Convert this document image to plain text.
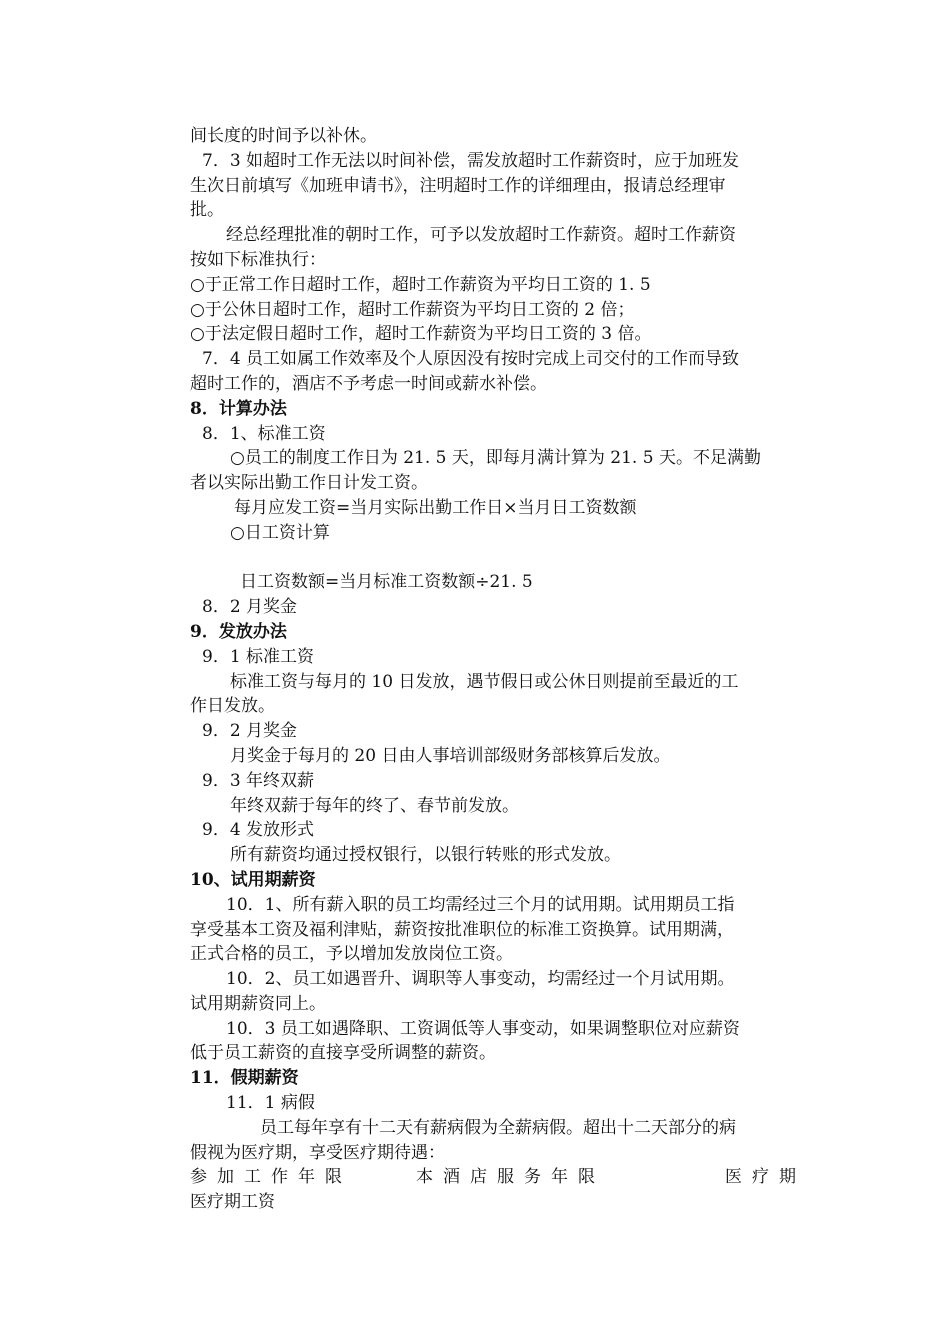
间长度的时间予以补休。
7．3 如超时工作无法以时间补偿，需发放超时工作薪资时，应于加班发
生次日前填写《加班申请书》，注明超时工作的详细理由，报请总经理审
批。
经总经理批准的朝时工作，可予以发放超时工作薪资。超时工作薪资
按如下标准执行：
○于正常工作日超时工作，超时工作薪资为平均日工资的 1. 5
○于公休日超时工作，超时工作薪资为平均日工资的 2 倍；
○于法定假日超时工作，超时工作薪资为平均日工资的 3 倍。
7．4 员工如属工作效率及个人原因没有按时完成上司交付的工作而导致
超时工作的，酒店不予考虑一时间或薪水补偿。
8．计算办法
8．1、标准工资
○员工的制度工作日为 21. 5 天，即每月满计算为 21. 5 天。不足满勤
者以实际出勤工作日计发工资。
每月应发工资=当月实际出勤工作日×当月日工资数额
○日工资计算
日工资数额=当月标准工资数额÷21. 5
8．2 月奖金
9．发放办法
9．1 标准工资
标准工资与每月的 10 日发放，遇节假日或公休日则提前至最近的工
作日发放。
9．2 月奖金
月奖金于每月的 20 日由人事培训部级财务部核算后发放。
9．3 年终双薪
年终双薪于每年的终了、春节前发放。
9．4 发放形式
所有薪资均通过授权银行，以银行转账的形式发放。
10、试用期薪资
10．1、所有薪入职的员工均需经过三个月的试用期。试用期员工指
享受基本工资及福利津贴，薪资按批准职位的标准工资换算。试用期满，
正式合格的员工，予以增加发放岗位工资。
10．2、员工如遇晋升、调职等人事变动，均需经过一个月试用期。
试用期薪资同上。
10．3 员工如遇降职、工资调低等人事变动，如果调整职位对应薪资
低于员工薪资的直接享受所调整的薪资。
11．假期薪资
11．1 病假
员工每年享有十二天有薪病假为全薪病假。超出十二天部分的病
假视为医疗期，享受医疗期待遇：
参加工作年限	本酒店服务年限	医疗期
医疗期工资
